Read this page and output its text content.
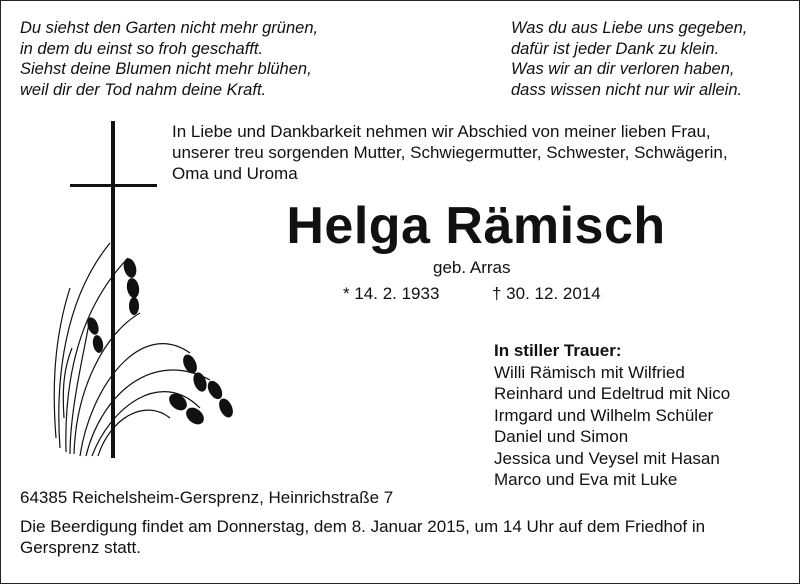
Du siehst den Garten nicht mehr grünen,
in dem du einst so froh geschafft.
Siehst deine Blumen nicht mehr blühen,
weil dir der Tod nahm deine Kraft.
Was du aus Liebe uns gegeben,
dafür ist jeder Dank zu klein.
Was wir an dir verloren haben,
dass wissen nicht nur wir allein.
In Liebe und Dankbarkeit nehmen wir Abschied von meiner lieben Frau,
unserer treu sorgenden Mutter, Schwiegermutter, Schwester, Schwägerin,
Oma und Uroma
Helga Rämisch
geb. Arras
* 14. 2. 1933	† 30. 12. 2014
In stiller Trauer:
Willi Rämisch mit Wilfried
Reinhard und Edeltrud mit Nico
Irmgard und Wilhelm Schüler
Daniel und Simon
Jessica und Veysel mit Hasan
Marco und Eva mit Luke
64385 Reichelsheim-Gersprenz, Heinrichstraße 7
Die Beerdigung findet am Donnerstag, dem 8. Januar 2015, um 14 Uhr auf dem Friedhof in Gersprenz statt.
